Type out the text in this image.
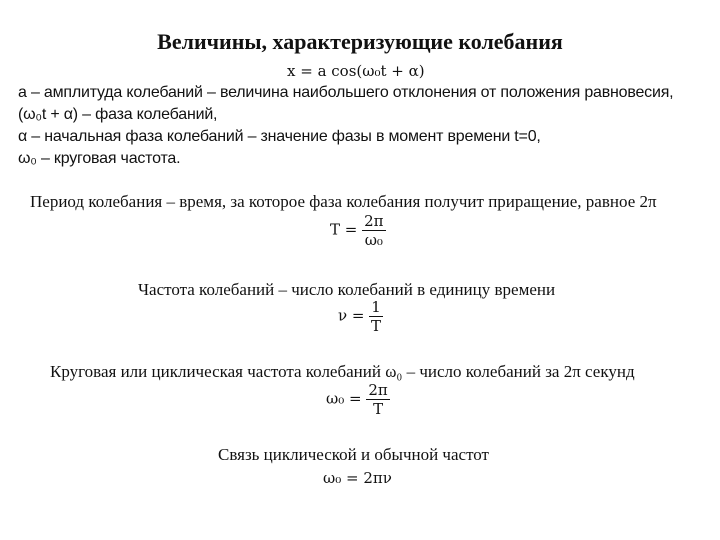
Величины, характеризующие колебания
x = a cos(ω₀t + α)
a – амплитуда колебаний – величина наибольшего отклонения от положения равновесия,
(ω₀t + α) – фаза колебаний,
α – начальная фаза колебаний – значение фазы в момент времени t=0,
ω₀ – круговая частота.
Период колебания – время, за которое фаза колебания получит приращение, равное 2π
$T = \frac{2\pi}{\text{ω₀}}$
Частота колебаний – число колебаний в единицу времени
$\nu = \frac{1}{T}$
Круговая или циклическая частота колебаний ω₀ – число колебаний за 2π секунд
$\omega_0 = \frac{2\pi}{T}$
Связь циклической и обычной частот
ω₀ = 2πν
